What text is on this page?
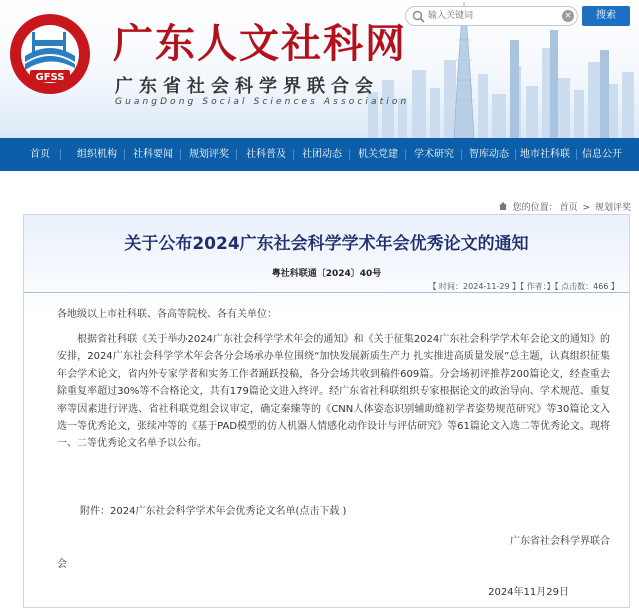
GFSS
广东人文社科网
广东省社会科学界联合会
GuangDong Social Sciences Association
输入关键词
×	搜索
首页	组织机构 社科要闻 规划评奖 社科普及 社团动态 机关党建 学术研究 智库动态 地市社科联 信息公开
您的位置： 首页 > 规划评奖
关于公布2024广东社会科学学术年会优秀论文的通知
粤社科联通〔2024〕40号
【 时间：2024-11-29 】【 作者：】【 点击数：466 】
各地级以上市社科联、各高等院校、各有关单位：
根据省社科联《关于举办2024广东社会科学学术年会的通知》和《关于征集2024广东社会科学学术年会论文的通知》的安排，2024广东社会科学学术年会各分会场承办单位围绕“加快发展新质生产力 扎实推进高质量发展”总主题，认真组织征集年会学术论文，省内外专家学者和实务工作者踊跃投稿，各分会场共收到稿件609篇。分会场初评推荐200篇论文，经查重去除重复率超过30%等不合格论文，共有179篇论文进入终评。经广东省社科联组织专家根据论文的政治导向、学术规范、重复率等因素进行评选、省社科联党组会议审定，确定秦臻等的《CNN人体姿态识别辅助缝初学者姿势规范研究》等30篇论文入选一等优秀论文，张续冲等的《基于PAD模型的仿人机器人情感化动作设计与评估研究》等61篇论文入选二等优秀论文。现将一、二等优秀论文名单予以公布。
附件：2024广东社会科学学术年会优秀论文名单(点击下载 )
广东省社会科学界联合
会
2024年11月29日
